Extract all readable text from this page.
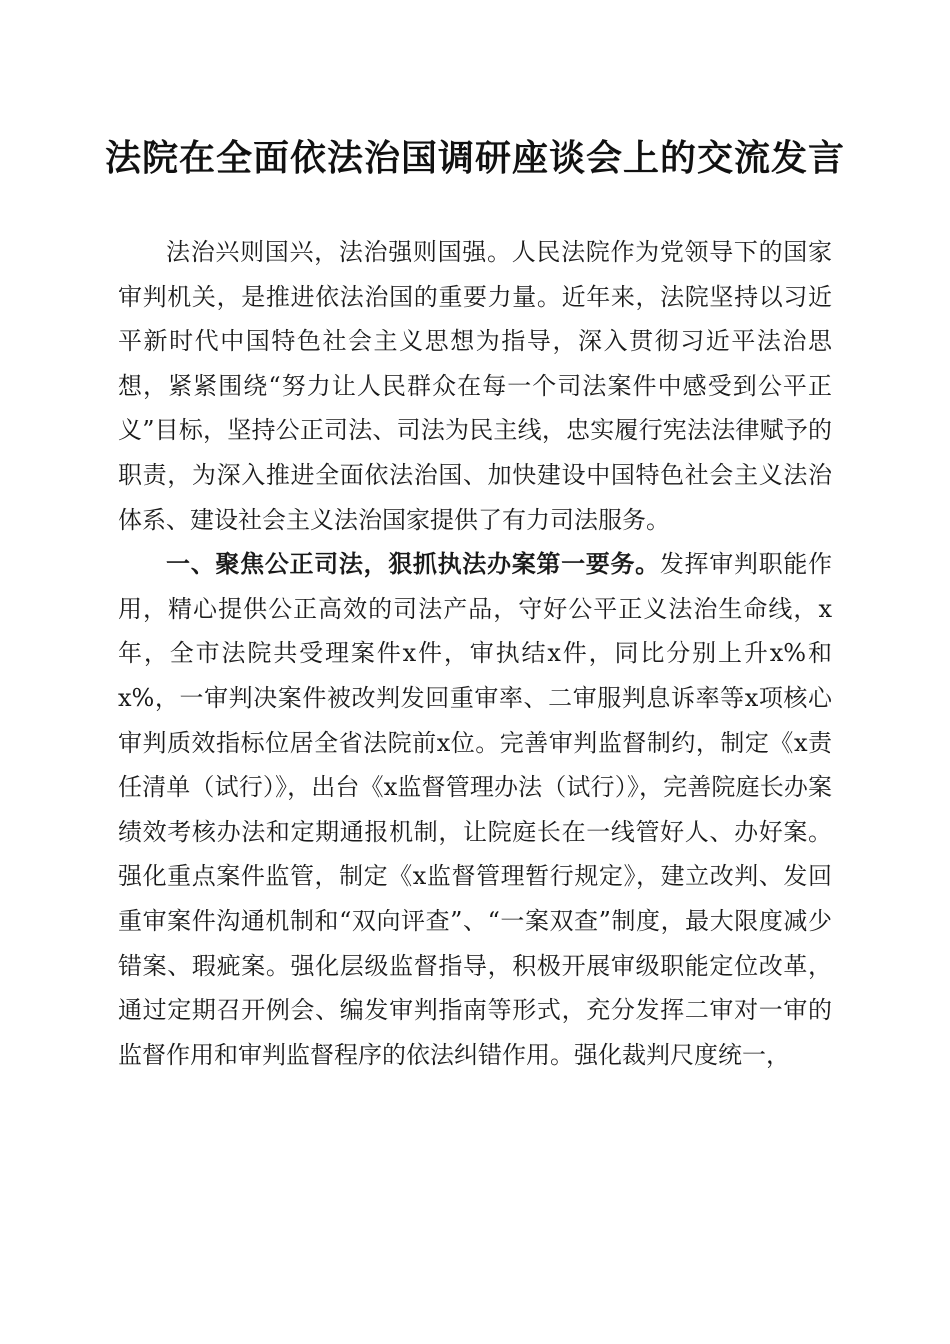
法院在全面依法治国调研座谈会上的交流发言

法治兴则国兴，法治强则国强。人民法院作为党领导下的国家审判机关，是推进依法治国的重要力量。近年来，法院坚持以习近平新时代中国特色社会主义思想为指导，深入贯彻习近平法治思想，紧紧围绕“努力让人民群众在每一个司法案件中感受到公平正义”目标，坚持公正司法、司法为民主线，忠实履行宪法法律赋予的职责，为深入推进全面依法治国、加快建设中国特色社会主义法治体系、建设社会主义法治国家提供了有力司法服务。

一、聚焦公正司法，狠抓执法办案第一要务。发挥审判职能作用，精心提供公正高效的司法产品，守好公平正义法治生命线，x年，全市法院共受理案件x件，审执结x件，同比分别上升x%和x%，一审判决案件被改判发回重审率、二审服判息诉率等x项核心审判质效指标位居全省法院前x位。完善审判监督制约，制定《x责任清单（试行）》，出台《x监督管理办法（试行）》，完善院庭长办案绩效考核办法和定期通报机制，让院庭长在一线管好人、办好案。强化重点案件监管，制定《x监督管理暂行规定》，建立改判、发回重审案件沟通机制和“双向评查”、“一案双查”制度，最大限度减少错案、瑕疵案。强化层级监督指导，积极开展审级职能定位改革，通过定期召开例会、编发审判指南等形式，充分发挥二审对一审的监督作用和审判监督程序的依法纠错作用。强化裁判尺度统一，
